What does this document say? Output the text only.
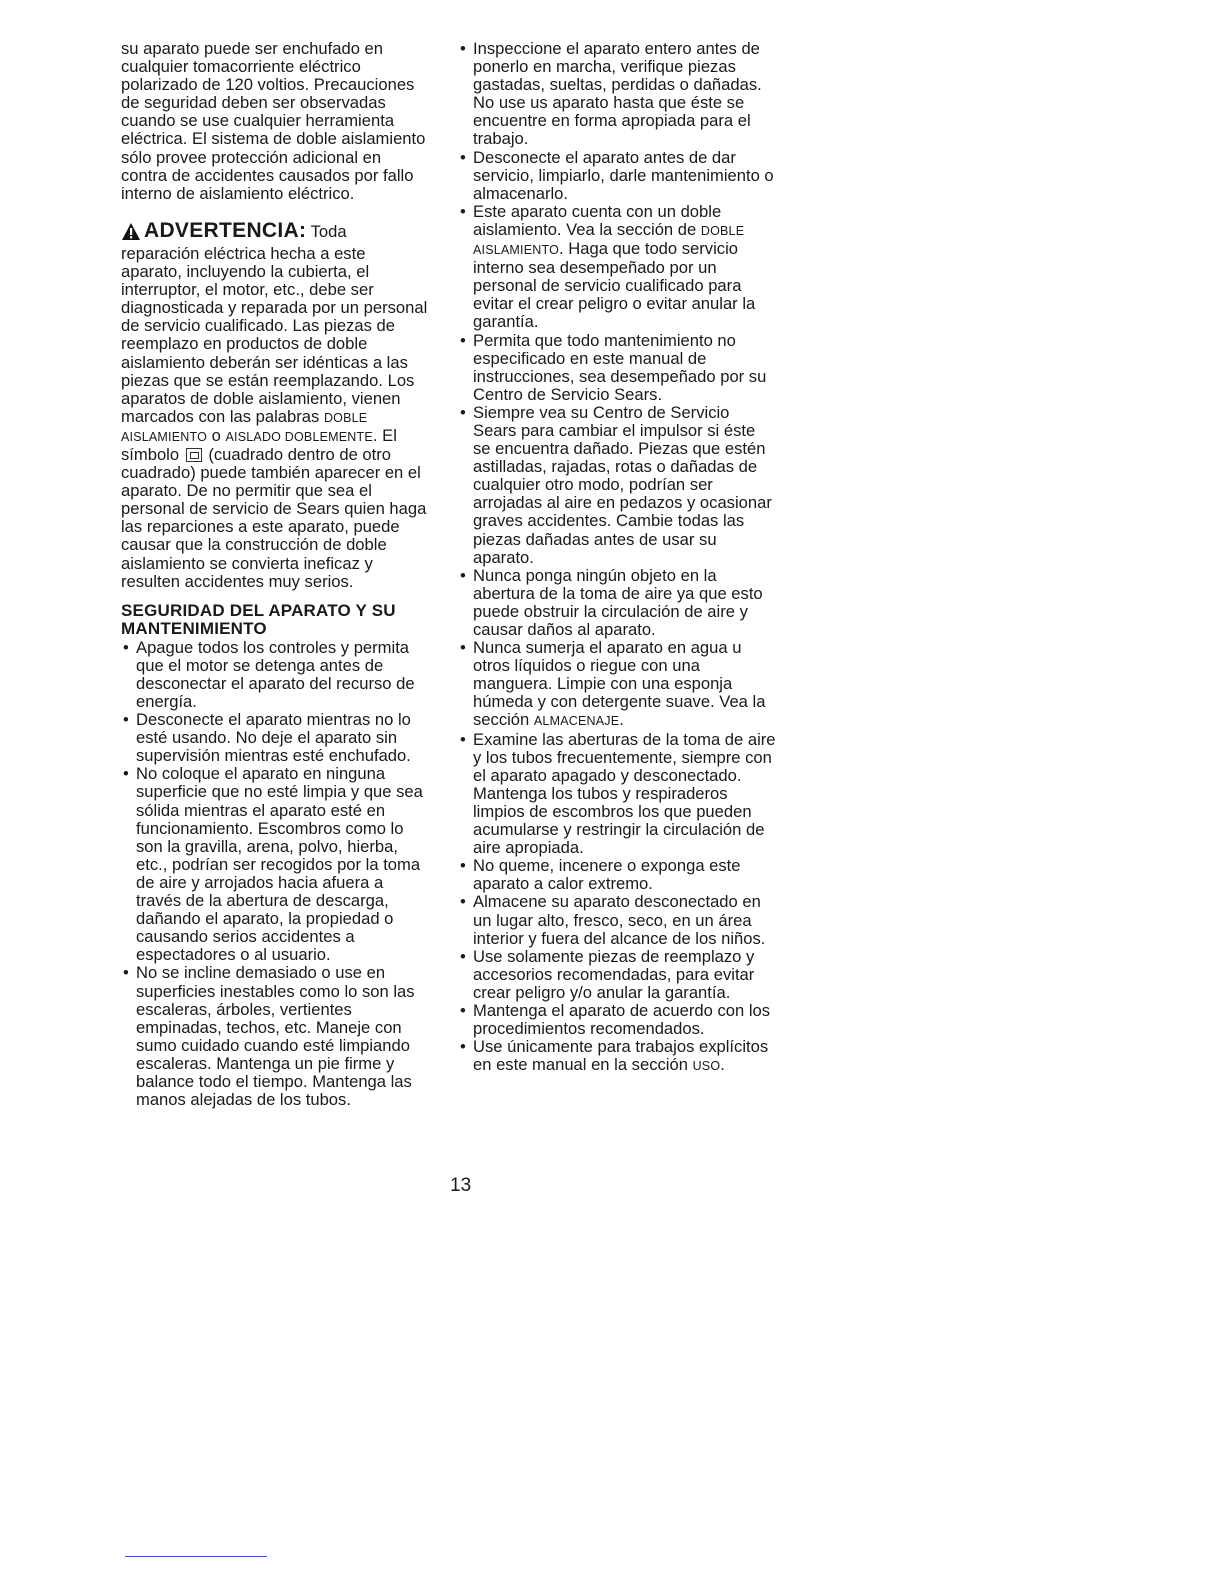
su aparato puede ser enchufado en cualquier tomacorriente eléctrico polarizado de 120 voltios. Precauciones de seguridad deben ser observadas cuando se use cualquier herramienta eléctrica. El sistema de doble aislamiento sólo provee protección adicional en contra de accidentes causados por fallo interno de aislamiento eléctrico.

ADVERTENCIA: Toda reparación eléctrica hecha a este aparato, incluyendo la cubierta, el interruptor, el motor, etc., debe ser diagnosticada y reparada por un personal de servicio cualificado. Las piezas de reemplazo en productos de doble aislamiento deberán ser idénticas a las piezas que se están reemplazando. Los aparatos de doble aislamiento, vienen marcados con las palabras DOBLE AISLAMIENTO o AISLADO DOBLEMENTE. El símbolo (cuadrado dentro de otro cuadrado) puede también aparecer en el aparato. De no permitir que sea el personal de servicio de Sears quien haga las reparciones a este aparato, puede causar que la construcción de doble aislamiento se convierta ineficaz y resulten accidentes muy serios.

SEGURIDAD DEL APARATO Y SU MANTENIMIENTO
• Apague todos los controles y permita que el motor se detenga antes de desconectar el aparato del recurso de energía.
• Desconecte el aparato mientras no lo esté usando. No deje el aparato sin supervisión mientras esté enchufado.
• No coloque el aparato en ninguna superficie que no esté limpia y que sea sólida mientras el aparato esté en funcionamiento. Escombros como lo son la gravilla, arena, polvo, hierba, etc., podrían ser recogidos por la toma de aire y arrojados hacia afuera a través de la abertura de descarga, dañando el aparato, la propiedad o causando serios accidentes a espectadores o al usuario.
• No se incline demasiado o use en superficies inestables como lo son las escaleras, árboles, vertientes empinadas, techos, etc. Maneje con sumo cuidado cuando esté limpiando escaleras. Mantenga un pie firme y balance todo el tiempo. Mantenga las manos alejadas de los tubos.
• Inspeccione el aparato entero antes de ponerlo en marcha, verifique piezas gastadas, sueltas, perdidas o dañadas. No use us aparato hasta que éste se encuentre en forma apropiada para el trabajo.
• Desconecte el aparato antes de dar servicio, limpiarlo, darle mantenimiento o almacenarlo.
• Este aparato cuenta con un doble aislamiento. Vea la sección de DOBLE AISLAMIENTO. Haga que todo servicio interno sea desempeñado por un personal de servicio cualificado para evitar el crear peligro o evitar anular la garantía.
• Permita que todo mantenimiento no especificado en este manual de instrucciones, sea desempeñado por su Centro de Servicio Sears.
• Siempre vea su Centro de Servicio Sears para cambiar el impulsor si éste se encuentra dañado. Piezas que estén astilladas, rajadas, rotas o dañadas de cualquier otro modo, podrían ser arrojadas al aire en pedazos y ocasionar graves accidentes. Cambie todas las piezas dañadas antes de usar su aparato.
• Nunca ponga ningún objeto en la abertura de la toma de aire ya que esto puede obstruir la circulación de aire y causar daños al aparato.
• Nunca sumerja el aparato en agua u otros líquidos o riegue con una manguera. Limpie con una esponja húmeda y con detergente suave. Vea la sección ALMACENAJE.
• Examine las aberturas de la toma de aire y los tubos frecuentemente, siempre con el aparato apagado y desconectado. Mantenga los tubos y respiraderos limpios de escombros los que pueden acumularse y restringir la circulación de aire apropiada.
• No queme, incenere o exponga este aparato a calor extremo.
• Almacene su aparato desconectado en un lugar alto, fresco, seco, en un área interior y fuera del alcance de los niños.
• Use solamente piezas de reemplazo y accesorios recomendadas, para evitar crear peligro y/o anular la garantía.
• Mantenga el aparato de acuerdo con los procedimientos recomendados.
• Use únicamente para trabajos explícitos en este manual en la sección USO.
13
